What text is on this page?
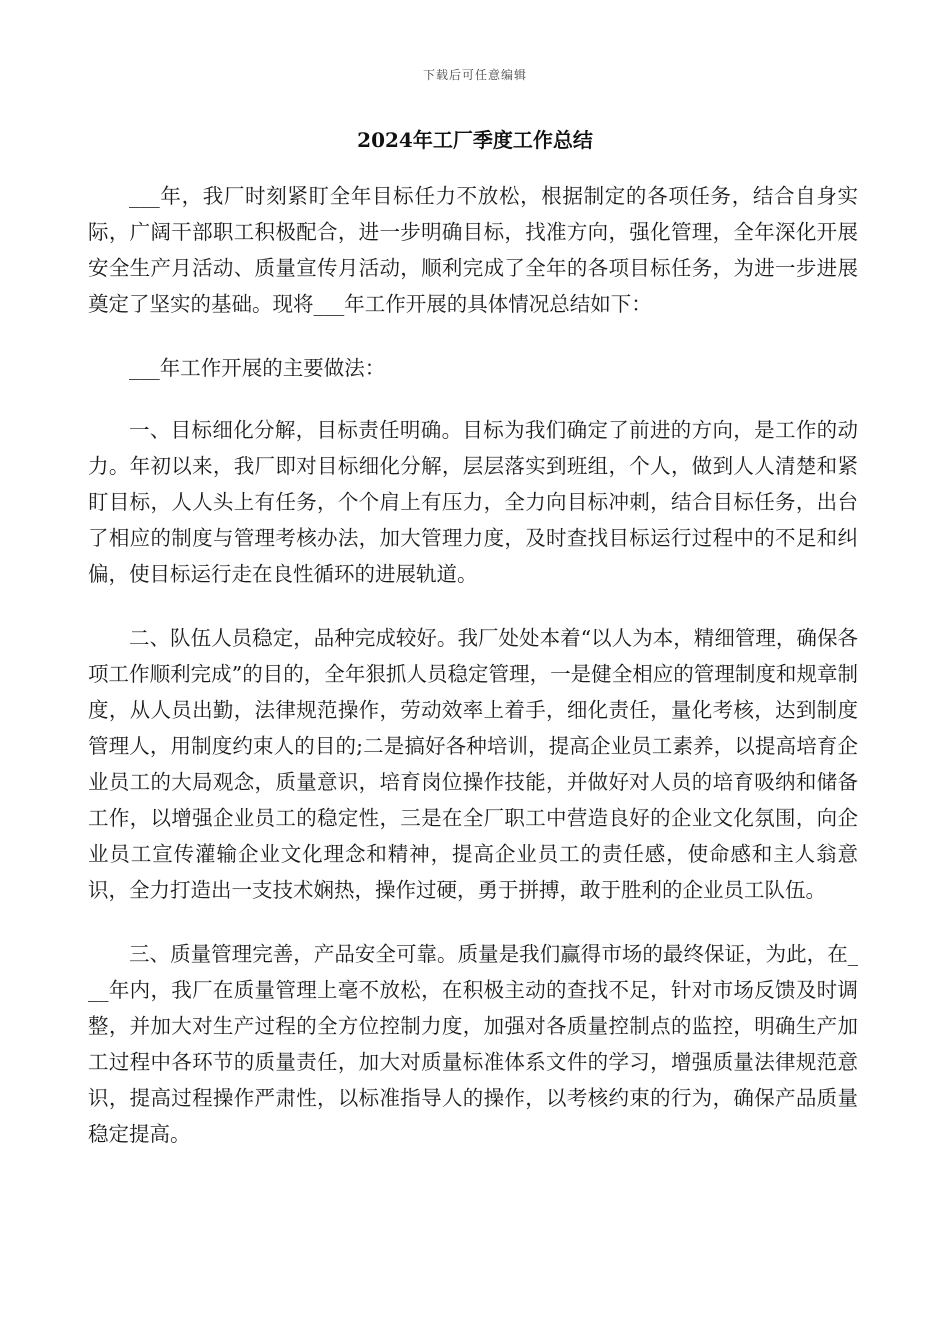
下载后可任意编辑
2024年工厂季度工作总结

___年，我厂时刻紧盯全年目标任力不放松，根据制定的各项任务，结合自身实际，广阔干部职工积极配合，进一步明确目标，找准方向，强化管理，全年深化开展安全生产月活动、质量宣传月活动，顺利完成了全年的各项目标任务，为进一步进展奠定了坚实的基础。现将___年工作开展的具体情况总结如下：

___年工作开展的主要做法：

一、目标细化分解，目标责任明确。目标为我们确定了前进的方向，是工作的动力。年初以来，我厂即对目标细化分解，层层落实到班组，个人，做到人人清楚和紧盯目标，人人头上有任务，个个肩上有压力，全力向目标冲刺，结合目标任务，出台了相应的制度与管理考核办法，加大管理力度，及时查找目标运行过程中的不足和纠偏，使目标运行走在良性循环的进展轨道。

二、队伍人员稳定，品种完成较好。我厂处处本着“以人为本，精细管理，确保各项工作顺利完成”的目的，全年狠抓人员稳定管理，一是健全相应的管理制度和规章制度，从人员出勤，法律规范操作，劳动效率上着手，细化责任，量化考核，达到制度管理人，用制度约束人的目的;二是搞好各种培训，提高企业员工素养，以提高培育企业员工的大局观念，质量意识，培育岗位操作技能，并做好对人员的培育吸纳和储备工作，以增强企业员工的稳定性，三是在全厂职工中营造良好的企业文化氛围，向企业员工宣传灌输企业文化理念和精神，提高企业员工的责任感，使命感和主人翁意识，全力打造出一支技术娴热，操作过硬，勇于拼搏，敢于胜利的企业员工队伍。

三、质量管理完善，产品安全可靠。质量是我们赢得市场的最终保证，为此，在___年内，我厂在质量管理上毫不放松，在积极主动的查找不足，针对市场反馈及时调整，并加大对生产过程的全方位控制力度，加强对各质量控制点的监控，明确生产加工过程中各环节的质量责任，加大对质量标准体系文件的学习，增强质量法律规范意识，提高过程操作严肃性，以标准指导人的操作，以考核约束的行为，确保产品质量稳定提高。
